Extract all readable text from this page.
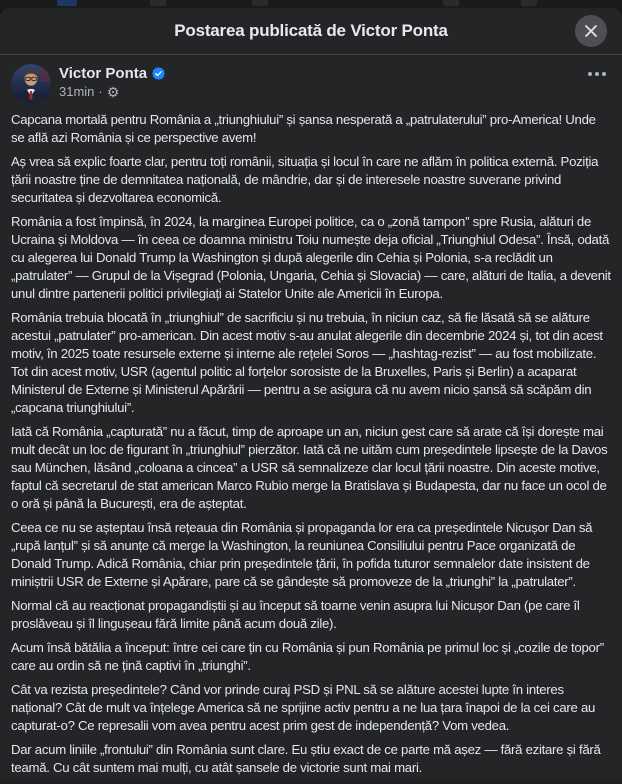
Postarea publicată de Victor Ponta
Victor Ponta
31min · ⚙

Capcana mortală pentru România a „triunghiului” și șansa nesperată a „patrulaterului” pro-America! Unde se află azi România și ce perspective avem!

Aș vrea să explic foarte clar, pentru toți românii, situația și locul în care ne aflăm în politica externă. Poziția țării noastre ține de demnitatea națională, de mândrie, dar și de interesele noastre suverane privind securitatea și dezvoltarea economică.

România a fost împinsă, în 2024, la marginea Europei politice, ca o „zonă tampon” spre Rusia, alături de Ucraina și Moldova — în ceea ce doamna ministru Toiu numește deja oficial „Triunghiul Odesa”. Însă, odată cu alegerea lui Donald Trump la Washington și după alegerile din Cehia și Polonia, s-a reclădit un „patrulater” — Grupul de la Vișegrad (Polonia, Ungaria, Cehia și Slovacia) — care, alături de Italia, a devenit unul dintre partenerii politici privilegiați ai Statelor Unite ale Americii în Europa.

România trebuia blocată în „triunghiul” de sacrificiu și nu trebuia, în niciun caz, să fie lăsată să se alăture acestui „patrulater” pro-american. Din acest motiv s-au anulat alegerile din decembrie 2024 și, tot din acest motiv, în 2025 toate resursele externe și interne ale rețelei Soros — „hashtag-rezist” — au fost mobilizate. Tot din acest motiv, USR (agentul politic al forțelor sorosiste de la Bruxelles, Paris și Berlin) a acaparat Ministerul de Externe și Ministerul Apărării — pentru a se asigura că nu avem nicio șansă să scăpăm din „capcana triunghiului”.

Iată că România „capturată” nu a făcut, timp de aproape un an, niciun gest care să arate că își dorește mai mult decât un loc de figurant în „triunghiul” pierzător. Iată că ne uităm cum președintele lipsește de la Davos sau München, lăsând „coloana a cincea” a USR să semnalizeze clar locul țării noastre. Din aceste motive, faptul că secretarul de stat american Marco Rubio merge la Bratislava și Budapesta, dar nu face un ocol de o oră și până la București, era de așteptat.

Ceea ce nu se așteptau însă rețeaua din România și propaganda lor era ca președintele Nicușor Dan să „rupă lanțul” și să anunțe că merge la Washington, la reuniunea Consiliului pentru Pace organizată de Donald Trump. Adică România, chiar prin președintele țării, în pofida tuturor semnalelor date insistent de miniștrii USR de Externe și Apărare, pare că se gândește să promoveze de la „triunghi” la „patrulater”.

Normal că au reacționat propagandiștii și au început să toarne venin asupra lui Nicușor Dan (pe care îl proslăveau și îl lingușeau fără limite până acum două zile).

Acum însă bătălia a început: între cei care țin cu România și pun România pe primul loc și „cozile de topor” care au ordin să ne țină captivi în „triunghi”.

Cât va rezista președintele? Când vor prinde curaj PSD și PNL să se alăture acestei lupte în interes național? Cât de mult va înțelege America să ne sprijine activ pentru a ne lua țara înapoi de la cei care au capturat-o? Ce represalii vom avea pentru acest prim gest de independență? Vom vedea.

Dar acum liniile „frontului” din România sunt clare. Eu știu exact de ce parte mă așez — fără ezitare și fără teamă. Cu cât suntem mai mulți, cu atât șansele de victorie sunt mai mari.
